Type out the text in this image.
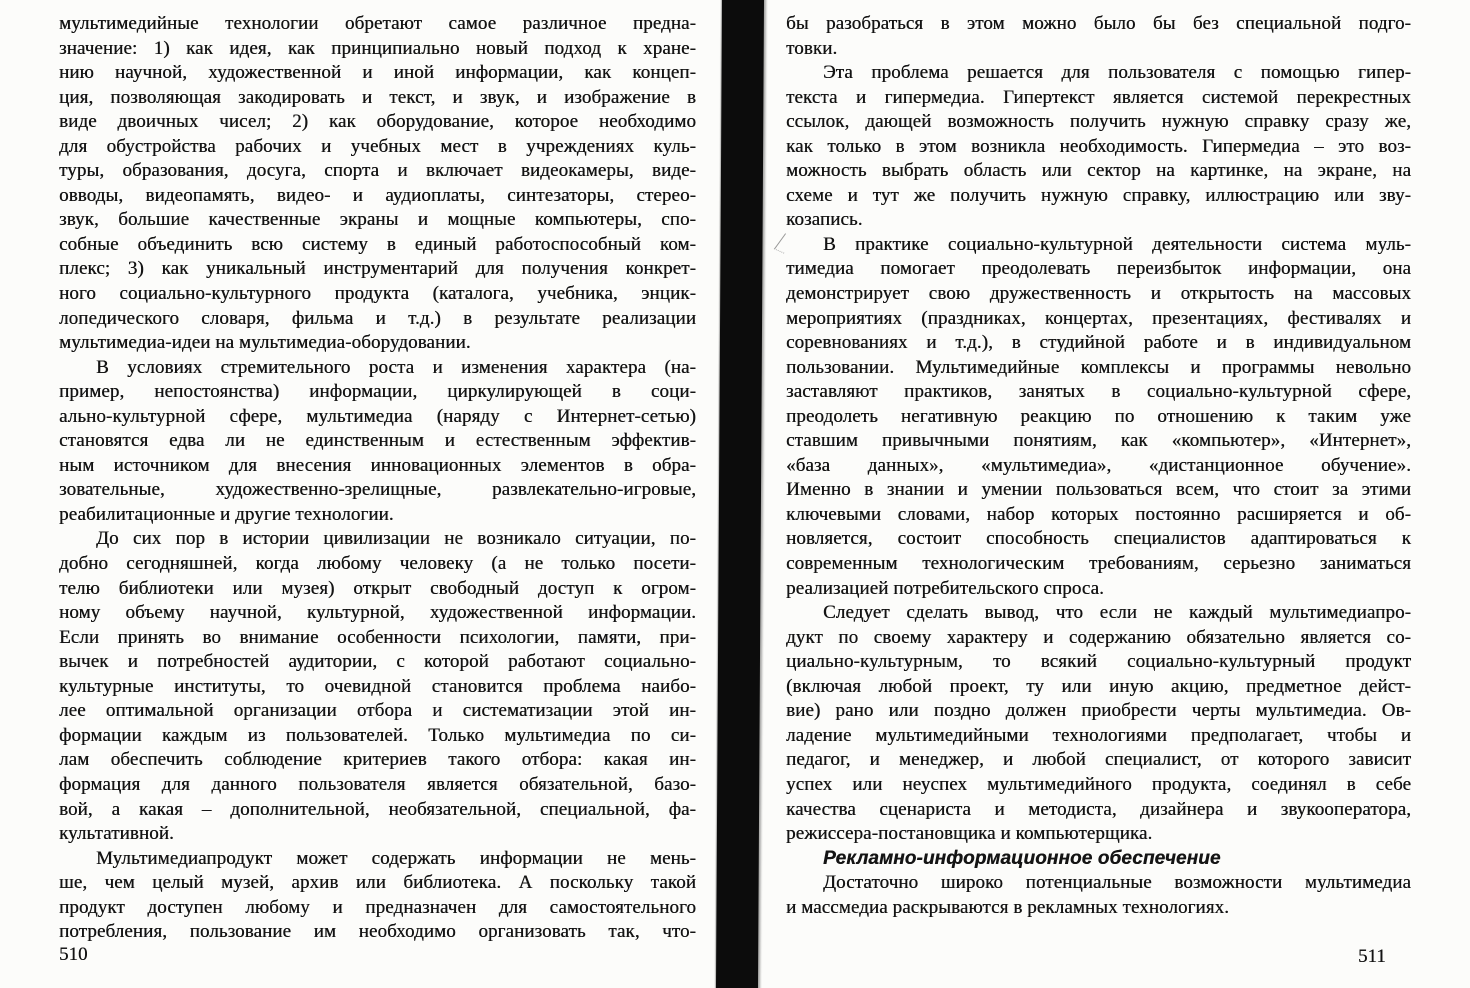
мультимедийные технологии обретают самое различное предна-
значение: 1) как идея, как принципиально новый подход к хране-
нию научной, художественной и иной информации, как концеп-
ция, позволяющая закодировать и текст, и звук, и изображение в
виде двоичных чисел; 2) как оборудование, которое необходимо
для обустройства рабочих и учебных мест в учреждениях куль-
туры, образования, досуга, спорта и включает видеокамеры, виде-
овводы, видеопамять, видео- и аудиоплаты, синтезаторы, стерео-
звук, большие качественные экраны и мощные компьютеры, спо-
собные объединить всю систему в единый работоспособный ком-
плекс; 3) как уникальный инструментарий для получения конкрет-
ного социально-культурного продукта (каталога, учебника, энцик-
лопедического словаря, фильма и т.д.) в результате реализации
мультимедиа-идеи на мультимедиа-оборудовании.
В условиях стремительного роста и изменения характера (на-
пример, непостоянства) информации, циркулирующей в соци-
ально-культурной сфере, мультимедиа (наряду с Интернет-сетью)
становятся едва ли не единственным и естественным эффектив-
ным источником для внесения инновационных элементов в обра-
зовательные, художественно-зрелищные, развлекательно-игровые,
реабилитационные и другие технологии.
До сих пор в истории цивилизации не возникало ситуации, по-
добно сегодняшней, когда любому человеку (а не только посети-
телю библиотеки или музея) открыт свободный доступ к огром-
ному объему научной, культурной, художественной информации.
Если принять во внимание особенности психологии, памяти, при-
вычек и потребностей аудитории, с которой работают социально-
культурные институты, то очевидной становится проблема наибо-
лее оптимальной организации отбора и систематизации этой ин-
формации каждым из пользователей. Только мультимедиа по си-
лам обеспечить соблюдение критериев такого отбора: какая ин-
формация для данного пользователя является обязательной, базо-
вой, а какая – дополнительной, необязательной, специальной, фа-
культативной.
Мультимедиапродукт может содержать информации не мень-
ше, чем целый музей, архив или библиотека. А поскольку такой
продукт доступен любому и предназначен для самостоятельного
потребления, пользование им необходимо организовать так, что-
510
бы разобраться в этом можно было бы без специальной подго-
товки.
Эта проблема решается для пользователя с помощью гипер-
текста и гипермедиа. Гипертекст является системой перекрестных
ссылок, дающей возможность получить нужную справку сразу же,
как только в этом возникла необходимость. Гипермедиа – это воз-
можность выбрать область или сектор на картинке, на экране, на
схеме и тут же получить нужную справку, иллюстрацию или зву-
козапись.
В практике социально-культурной деятельности система муль-
тимедиа помогает преодолевать переизбыток информации, она
демонстрирует свою дружественность и открытость на массовых
мероприятиях (праздниках, концертах, презентациях, фестивалях и
соревнованиях и т.д.), в студийной работе и в индивидуальном
пользовании. Мультимедийные комплексы и программы невольно
заставляют практиков, занятых в социально-культурной сфере,
преодолеть негативную реакцию по отношению к таким уже
ставшим привычными понятиям, как «компьютер», «Интернет»,
«база данных», «мультимедиа», «дистанционное обучение».
Именно в знании и умении пользоваться всем, что стоит за этими
ключевыми словами, набор которых постоянно расширяется и об-
новляется, состоит способность специалистов адаптироваться к
современным технологическим требованиям, серьезно заниматься
реализацией потребительского спроса.
Следует сделать вывод, что если не каждый мультимедиапро-
дукт по своему характеру и содержанию обязательно является со-
циально-культурным, то всякий социально-культурный продукт
(включая любой проект, ту или иную акцию, предметное дейст-
вие) рано или поздно должен приобрести черты мультимедиа. Ов-
ладение мультимедийными технологиями предполагает, чтобы и
педагог, и менеджер, и любой специалист, от которого зависит
успех или неуспех мультимедийного продукта, соединял в себе
качества сценариста и методиста, дизайнера и звукооператора,
режиссера-постановщика и компьютерщика.
Рекламно-информационное обеспечение
Достаточно широко потенциальные возможности мультимедиа
и массмедиа раскрываются в рекламных технологиях.
511
